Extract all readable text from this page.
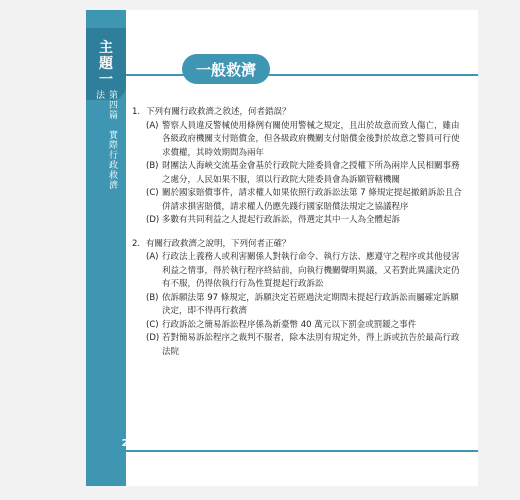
主
題
一
第四篇　實際行政救濟法
一般救濟
1. 下列有關行政救濟之敘述，何者錯誤？
(A) 警察人員違反警械使用條例有關使用警械之規定，且出於故意而致人傷亡，雖由各級政府機關支付賠償金，但各級政府機關支付賠償金後對於故意之警員可行使求償權，其時效期間為兩年
(B) 財團法人海峽交流基金會基於行政院大陸委員會之授權下所為兩岸人民相關事務之處分，人民如果不服，須以行政院大陸委員會為訴願管轄機關
(C) 關於國家賠償事件，請求權人如果依照行政訴訟法第 7 條規定提起撤銷訴訟且合併請求損害賠償，請求權人仍應先踐行國家賠償法規定之協議程序
(D) 多數有共同利益之人提起行政訴訟，得選定其中一人為全體起訴
2. 有關行政救濟之說明，下列何者正確？
(A) 行政法上義務人或利害關係人對執行命令、執行方法、應遵守之程序或其他侵害利益之情事，得於執行程序終結前，向執行機關聲明異議，又若對此異議決定仍有不服，仍得依執行行為性質提起行政訴訟
(B) 依訴願法第 97 條規定，訴願決定若經過決定期間未提起行政訴訟而屬確定訴願決定，即不得再行救濟
(C) 行政訴訟之簡易訴訟程序係為新臺幣 40 萬元以下罰金或罰鍰之事件
(D) 若對簡易訴訟程序之裁判不服者，除本法別有規定外，得上訴或抗告於最高行政法院
206
